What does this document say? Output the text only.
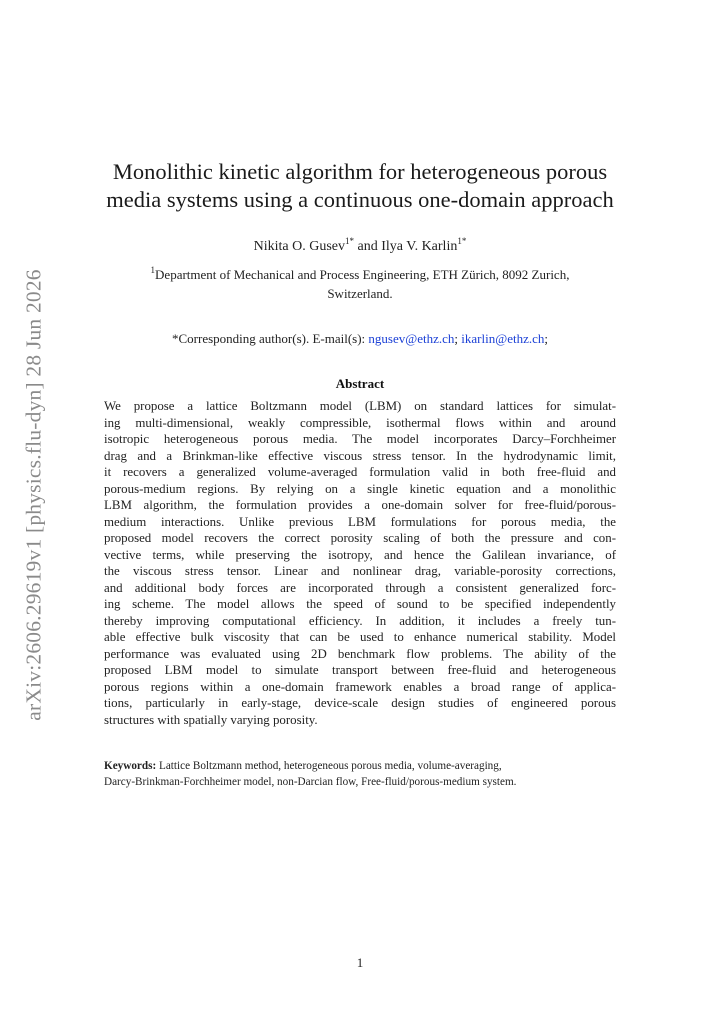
arXiv:2606.29619v1 [physics.flu-dyn] 28 Jun 2026
Monolithic kinetic algorithm for heterogeneous porous
media systems using a continuous one-domain approach
Nikita O. Gusev$^{1*}$ and Ilya V. Karlin$^{1*}$
$^1$Department of Mechanical and Process Engineering, ETH Zürich, 8092 Zurich,
Switzerland.
*Corresponding author(s). E-mail(s): ngusev@ethz.ch; ikarlin@ethz.ch;
Abstract
We propose a lattice Boltzmann model (LBM) on standard lattices for simulat-
ing multi-dimensional, weakly compressible, isothermal flows within and around
isotropic heterogeneous porous media. The model incorporates Darcy–Forchheimer
drag and a Brinkman-like effective viscous stress tensor. In the hydrodynamic limit,
it recovers a generalized volume-averaged formulation valid in both free-fluid and
porous-medium regions. By relying on a single kinetic equation and a monolithic
LBM algorithm, the formulation provides a one-domain solver for free-fluid/porous-
medium interactions. Unlike previous LBM formulations for porous media, the
proposed model recovers the correct porosity scaling of both the pressure and con-
vective terms, while preserving the isotropy, and hence the Galilean invariance, of
the viscous stress tensor. Linear and nonlinear drag, variable-porosity corrections,
and additional body forces are incorporated through a consistent generalized forc-
ing scheme. The model allows the speed of sound to be specified independently
thereby improving computational efficiency. In addition, it includes a freely tun-
able effective bulk viscosity that can be used to enhance numerical stability. Model
performance was evaluated using 2D benchmark flow problems. The ability of the
proposed LBM model to simulate transport between free-fluid and heterogeneous
porous regions within a one-domain framework enables a broad range of applica-
tions, particularly in early-stage, device-scale design studies of engineered porous
structures with spatially varying porosity.
Keywords: Lattice Boltzmann method, heterogeneous porous media, volume-averaging,
Darcy-Brinkman-Forchheimer model, non-Darcian flow, Free-fluid/porous-medium system.
1
